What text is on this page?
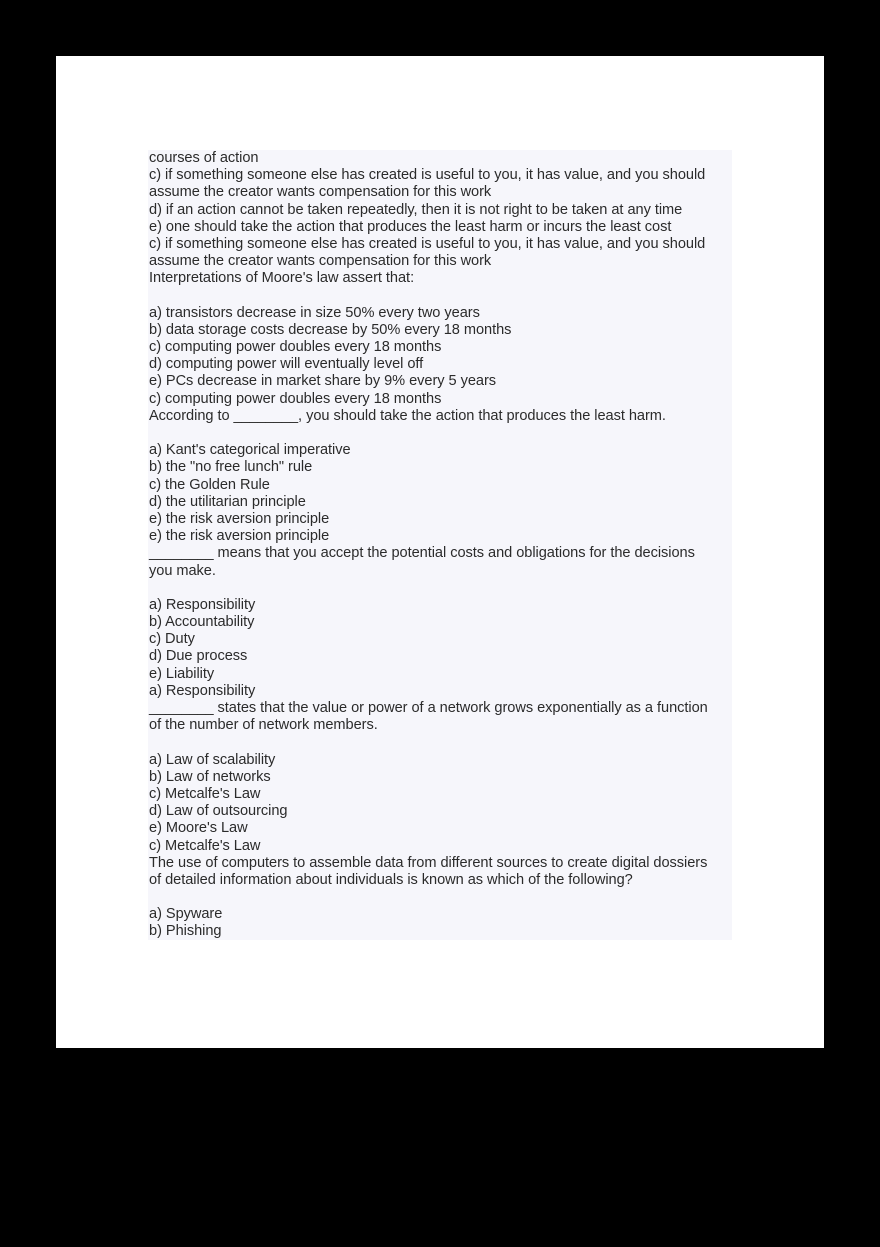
courses of action
c) if something someone else has created is useful to you, it has value, and you should
assume the creator wants compensation for this work
d) if an action cannot be taken repeatedly, then it is not right to be taken at any time
e) one should take the action that produces the least harm or incurs the least cost
c) if something someone else has created is useful to you, it has value, and you should
assume the creator wants compensation for this work
Interpretations of Moore's law assert that:
a) transistors decrease in size 50% every two years
b) data storage costs decrease by 50% every 18 months
c) computing power doubles every 18 months
d) computing power will eventually level off
e) PCs decrease in market share by 9% every 5 years
c) computing power doubles every 18 months
According to ________, you should take the action that produces the least harm.
a) Kant's categorical imperative
b) the "no free lunch" rule
c) the Golden Rule
d) the utilitarian principle
e) the risk aversion principle
e) the risk aversion principle
________ means that you accept the potential costs and obligations for the decisions
you make.
a) Responsibility
b) Accountability
c) Duty
d) Due process
e) Liability
a) Responsibility
________ states that the value or power of a network grows exponentially as a function
of the number of network members.
a) Law of scalability
b) Law of networks
c) Metcalfe's Law
d) Law of outsourcing
e) Moore's Law
c) Metcalfe's Law
The use of computers to assemble data from different sources to create digital dossiers
of detailed information about individuals is known as which of the following?
a) Spyware
b) Phishing
